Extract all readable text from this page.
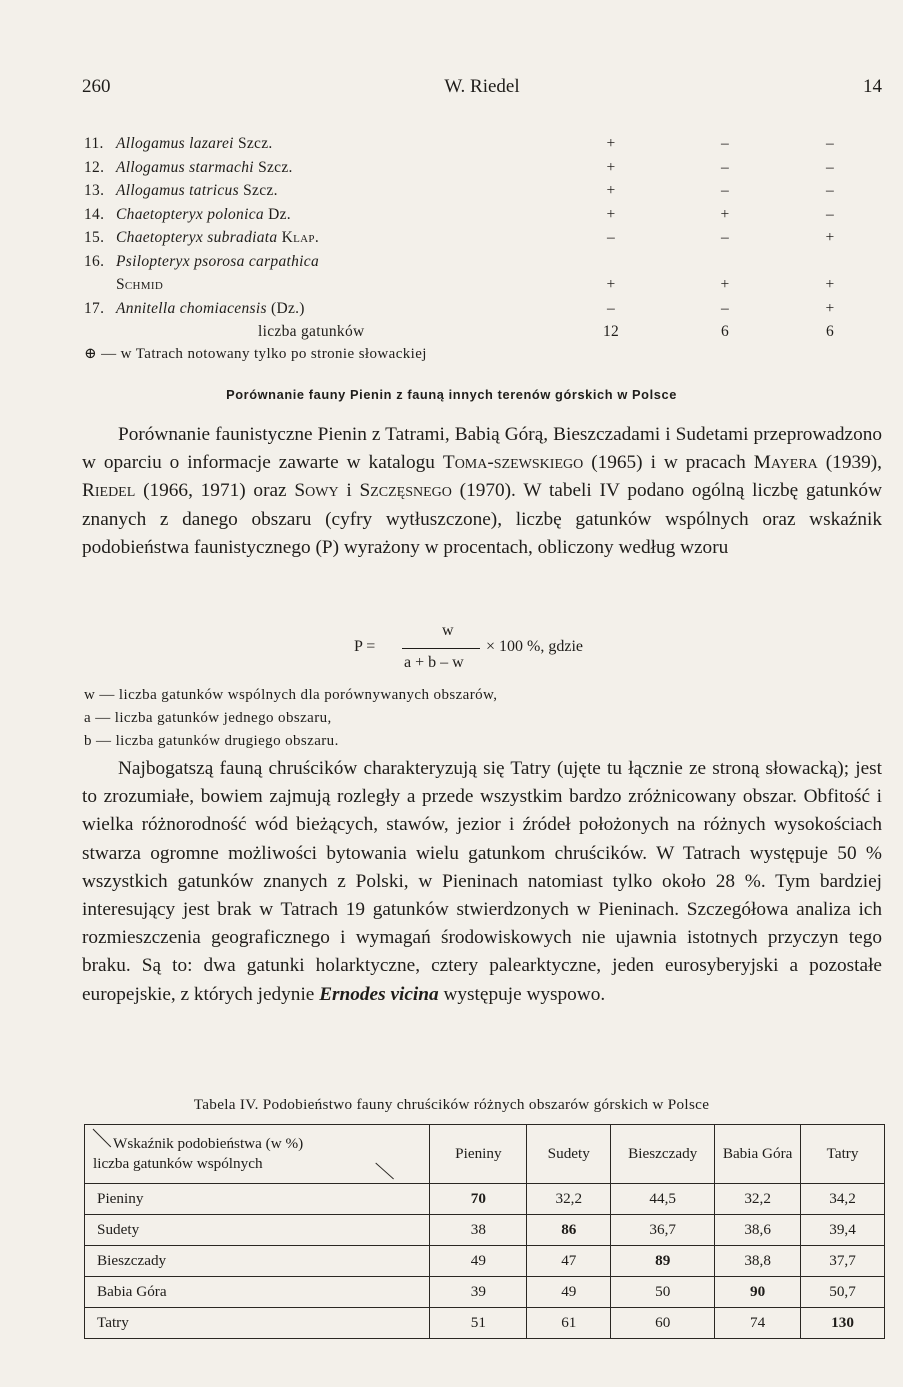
260	W. Riedel	14
11. Allogamus lazarei Szcz.	+	–	–
12. Allogamus starmachi Szcz.	+	–	–
13. Allogamus tatricus Szcz.	+	–	–
14. Chaetopteryx polonica Dz.	+	+	–
15. Chaetopteryx subradiata Klap.	–	–	+
16. Psilopteryx psorosa carpathica
Schmid	+	+	+
17. Annitella chomiacensis (Dz.)	–	–	+
liczba gatunków	12	6	6
⊕ — w Tatrach notowany tylko po stronie słowackiej
Porównanie fauny Pienin z fauną innych terenów górskich w Polsce

Porównanie faunistyczne Pienin z Tatrami, Babią Górą, Bieszczadami i Sudetami przeprowadzono w oparciu o informacje zawarte w katalogu Toma-szewskiego (1965) i w pracach Mayera (1939), Riedel (1966, 1971) oraz Sowy i Szczęsnego (1970). W tabeli IV podano ogólną liczbę gatunków znanych z danego obszaru (cyfry wytłuszczone), liczbę gatunków wspólnych oraz wskaźnik podobieństwa faunistycznego (P) wyrażony w procentach, obliczony według wzoru

P =
w
a + b – w
× 100 %, gdzie
w — liczba gatunków wspólnych dla porównywanych obszarów,
a — liczba gatunków jednego obszaru,
b — liczba gatunków drugiego obszaru.

Najbogatszą fauną chruścików charakteryzują się Tatry (ujęte tu łącznie ze stroną słowacką); jest to zrozumiałe, bowiem zajmują rozległy a przede wszystkim bardzo zróżnicowany obszar. Obfitość i wielka różnorodność wód bieżących, stawów, jezior i źródeł położonych na różnych wysokościach stwarza ogromne możliwości bytowania wielu gatunkom chruścików. W Tatrach występuje 50 % wszystkich gatunków znanych z Polski, w Pieninach natomiast tylko około 28 %. Tym bardziej interesujący jest brak w Tatrach 19 gatunków stwierdzonych w Pieninach. Szczegółowa analiza ich rozmieszczenia geograficznego i wymagań środowiskowych nie ujawnia istotnych przyczyn tego braku. Są to: dwa gatunki holarktyczne, cztery palearktyczne, jeden eurosyberyjski a pozostałe europejskie, z których jedynie Ernodes vicina występuje wyspowo.

Tabela IV. Podobieństwo fauny chruścików różnych obszarów górskich w Polsce
Wskaźnik podobieństwa (w %)
liczba gatunków wspólnych	Pieniny	Sudety	Bieszczady	Babia Góra	Tatry
Pieniny	70	32,2	44,5	32,2	34,2
Sudety	38	86	36,7	38,6	39,4
Bieszczady	49	47	89	38,8	37,7
Babia Góra	39	49	50	90	50,7
Tatry	51	61	60	74	130
